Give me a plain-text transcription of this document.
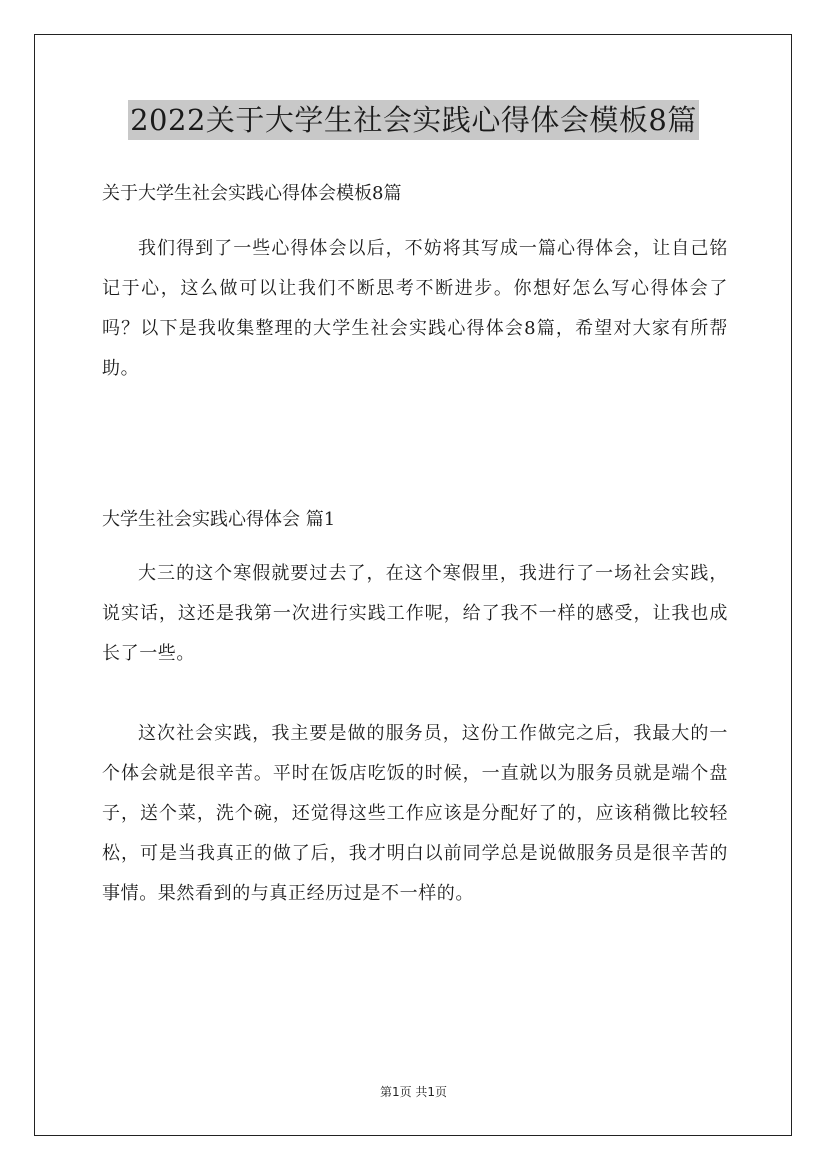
2022关于大学生社会实践心得体会模板8篇
关于大学生社会实践心得体会模板8篇

我们得到了一些心得体会以后，不妨将其写成一篇心得体会，让自己铭记于心，这么做可以让我们不断思考不断进步。你想好怎么写心得体会了吗？以下是我收集整理的大学生社会实践心得体会8篇，希望对大家有所帮助。

大学生社会实践心得体会 篇1

大三的这个寒假就要过去了，在这个寒假里，我进行了一场社会实践，说实话，这还是我第一次进行实践工作呢，给了我不一样的感受，让我也成长了一些。

这次社会实践，我主要是做的服务员，这份工作做完之后，我最大的一个体会就是很辛苦。平时在饭店吃饭的时候，一直就以为服务员就是端个盘子，送个菜，洗个碗，还觉得这些工作应该是分配好了的，应该稍微比较轻松，可是当我真正的做了后，我才明白以前同学总是说做服务员是很辛苦的事情。果然看到的与真正经历过是不一样的。

第1页 共1页
